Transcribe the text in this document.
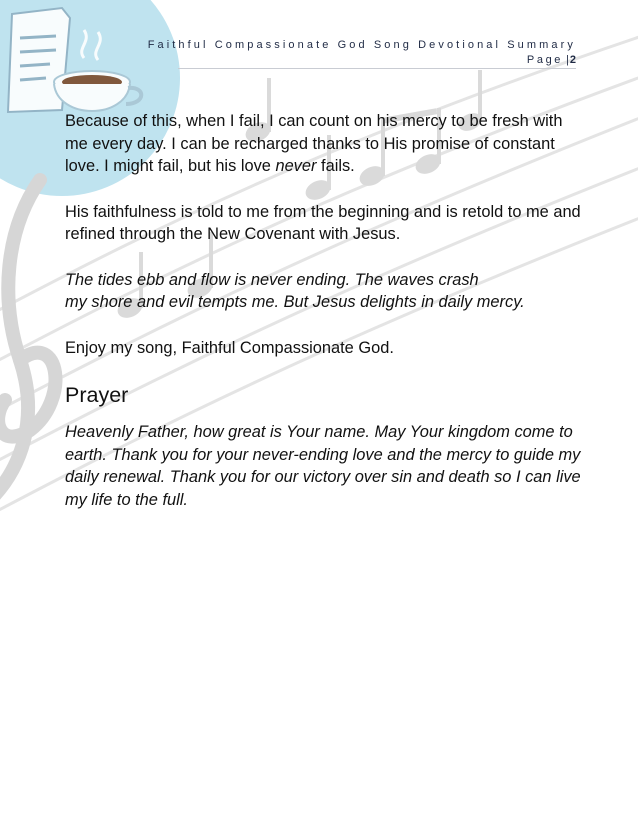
Faithful Compassionate God Song Devotional Summary
Page |2

Because of this, when I fail, I can count on his mercy to be fresh with me every day. I can be recharged thanks to His promise of constant love. I might fail, but his love never fails.

His faithfulness is told to me from the beginning and is retold to me and refined through the New Covenant with Jesus.

The tides ebb and flow is never ending. The waves crash
my shore and evil tempts me. But Jesus delights in daily mercy.

Enjoy my song, Faithful Compassionate God.

Prayer

Heavenly Father, how great is Your name. May Your kingdom come to earth. Thank you for your never-ending love and the mercy to guide my daily renewal. Thank you for our victory over sin and death so I can live my life to the full.
